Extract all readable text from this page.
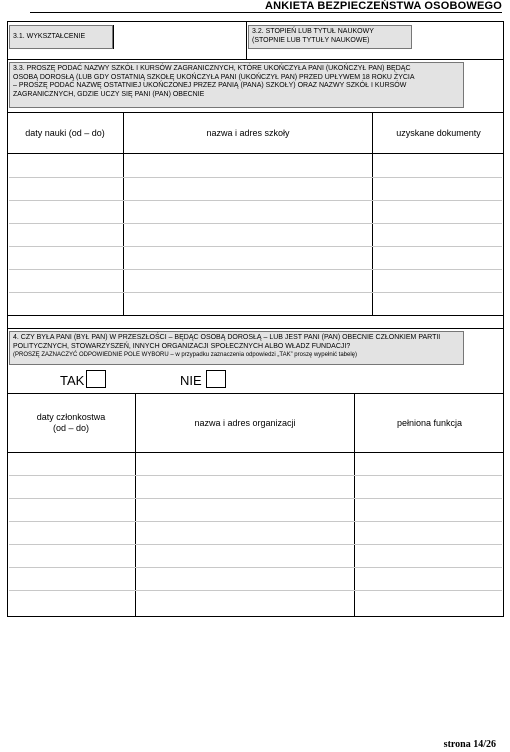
ANKIETA BEZPIECZEŃSTWA OSOBOWEGO
3.1. WYKSZTAŁCENIE
3.2. STOPIEŃ LUB TYTUŁ NAUKOWY
(STOPNIE LUB TYTUŁY NAUKOWE)
3.3. PROSZĘ PODAĆ NAZWY SZKÓŁ I KURSÓW ZAGRANICZNYCH, KTÓRE UKOŃCZYŁA PANI (UKOŃCZYŁ PAN) BĘDĄC
OSOBĄ DOROSŁĄ (LUB GDY OSTATNIĄ SZKOŁĘ UKOŃCZYŁA PANI (UKOŃCZYŁ PAN) PRZED UPŁYWEM 18 ROKU ŻYCIA
– PROSZĘ PODAĆ NAZWĘ OSTATNIEJ UKOŃCZONEJ PRZEZ PANIĄ (PANA) SZKOŁY) ORAZ NAZWY SZKÓŁ I KURSÓW
ZAGRANICZNYCH, GDZIE UCZY SIĘ PANI (PAN) OBECNIE
daty nauki (od – do)	nazwa i adres szkoły	uzyskane dokumenty
4. CZY BYŁA PANI (BYŁ PAN) W PRZESZŁOŚCI – BĘDĄC OSOBĄ DOROSŁĄ – LUB JEST PANI (PAN) OBECNIE CZŁONKIEM PARTII
POLITYCZNYCH, STOWARZYSZEŃ, INNYCH ORGANIZACJI SPOŁECZNYCH ALBO WŁADZ FUNDACJI?
(PROSZĘ ZAZNACZYĆ ODPOWIEDNIE POLE WYBORU – w przypadku zaznaczenia odpowiedzi „TAK” proszę wypełnić tabelę)
TAK	NIE
daty członkostwa
(od – do)
nazwa i adres organizacji	pełniona funkcja
strona 14/26
